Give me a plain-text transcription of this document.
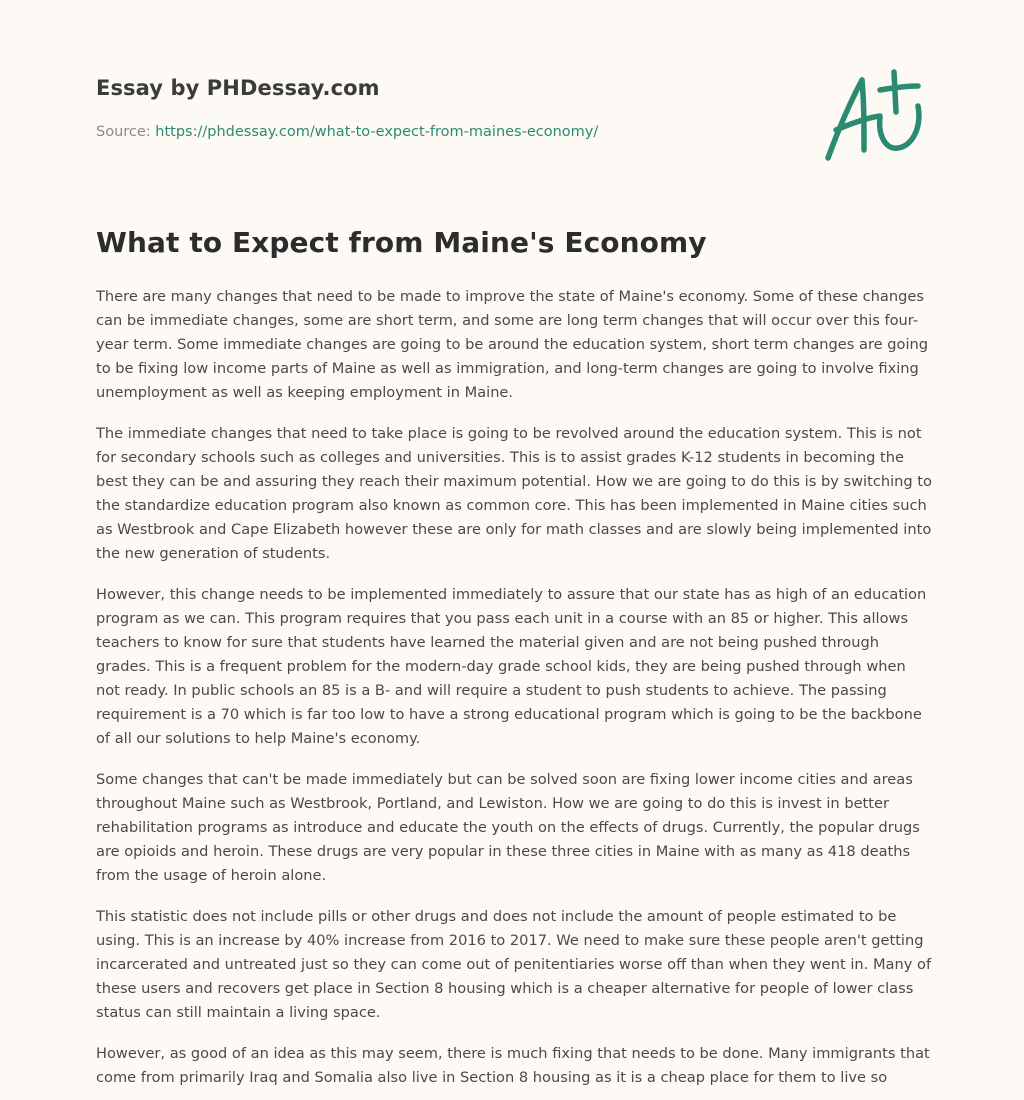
Essay by PHDessay.com
Source: https://phdessay.com/what-to-expect-from-maines-economy/
What to Expect from Maine's Economy

There are many changes that need to be made to improve the state of Maine's economy. Some of these changes can be immediate changes, some are short term, and some are long term changes that will occur over this four-year term. Some immediate changes are going to be around the education system, short term changes are going to be fixing low income parts of Maine as well as immigration, and long-term changes are going to involve fixing unemployment as well as keeping employment in Maine.

The immediate changes that need to take place is going to be revolved around the education system. This is not for secondary schools such as colleges and universities. This is to assist grades K-12 students in becoming the best they can be and assuring they reach their maximum potential. How we are going to do this is by switching to the standardize education program also known as common core. This has been implemented in Maine cities such as Westbrook and Cape Elizabeth however these are only for math classes and are slowly being implemented into the new generation of students.

However, this change needs to be implemented immediately to assure that our state has as high of an education program as we can. This program requires that you pass each unit in a course with an 85 or higher. This allows teachers to know for sure that students have learned the material given and are not being pushed through grades. This is a frequent problem for the modern-day grade school kids, they are being pushed through when not ready. In public schools an 85 is a B- and will require a student to push students to achieve. The passing requirement is a 70 which is far too low to have a strong educational program which is going to be the backbone of all our solutions to help Maine's economy.

Some changes that can't be made immediately but can be solved soon are fixing lower income cities and areas throughout Maine such as Westbrook, Portland, and Lewiston. How we are going to do this is invest in better rehabilitation programs as introduce and educate the youth on the effects of drugs. Currently, the popular drugs are opioids and heroin. These drugs are very popular in these three cities in Maine with as many as 418 deaths from the usage of heroin alone.

This statistic does not include pills or other drugs and does not include the amount of people estimated to be using. This is an increase by 40% increase from 2016 to 2017. We need to make sure these people aren't getting incarcerated and untreated just so they can come out of penitentiaries worse off than when they went in. Many of these users and recovers get place in Section 8 housing which is a cheaper alternative for people of lower class status can still maintain a living space.

However, as good of an idea as this may seem, there is much fixing that needs to be done. Many immigrants that come from primarily Iraq and Somalia also live in Section 8 housing as it is a cheap place for them to live so
